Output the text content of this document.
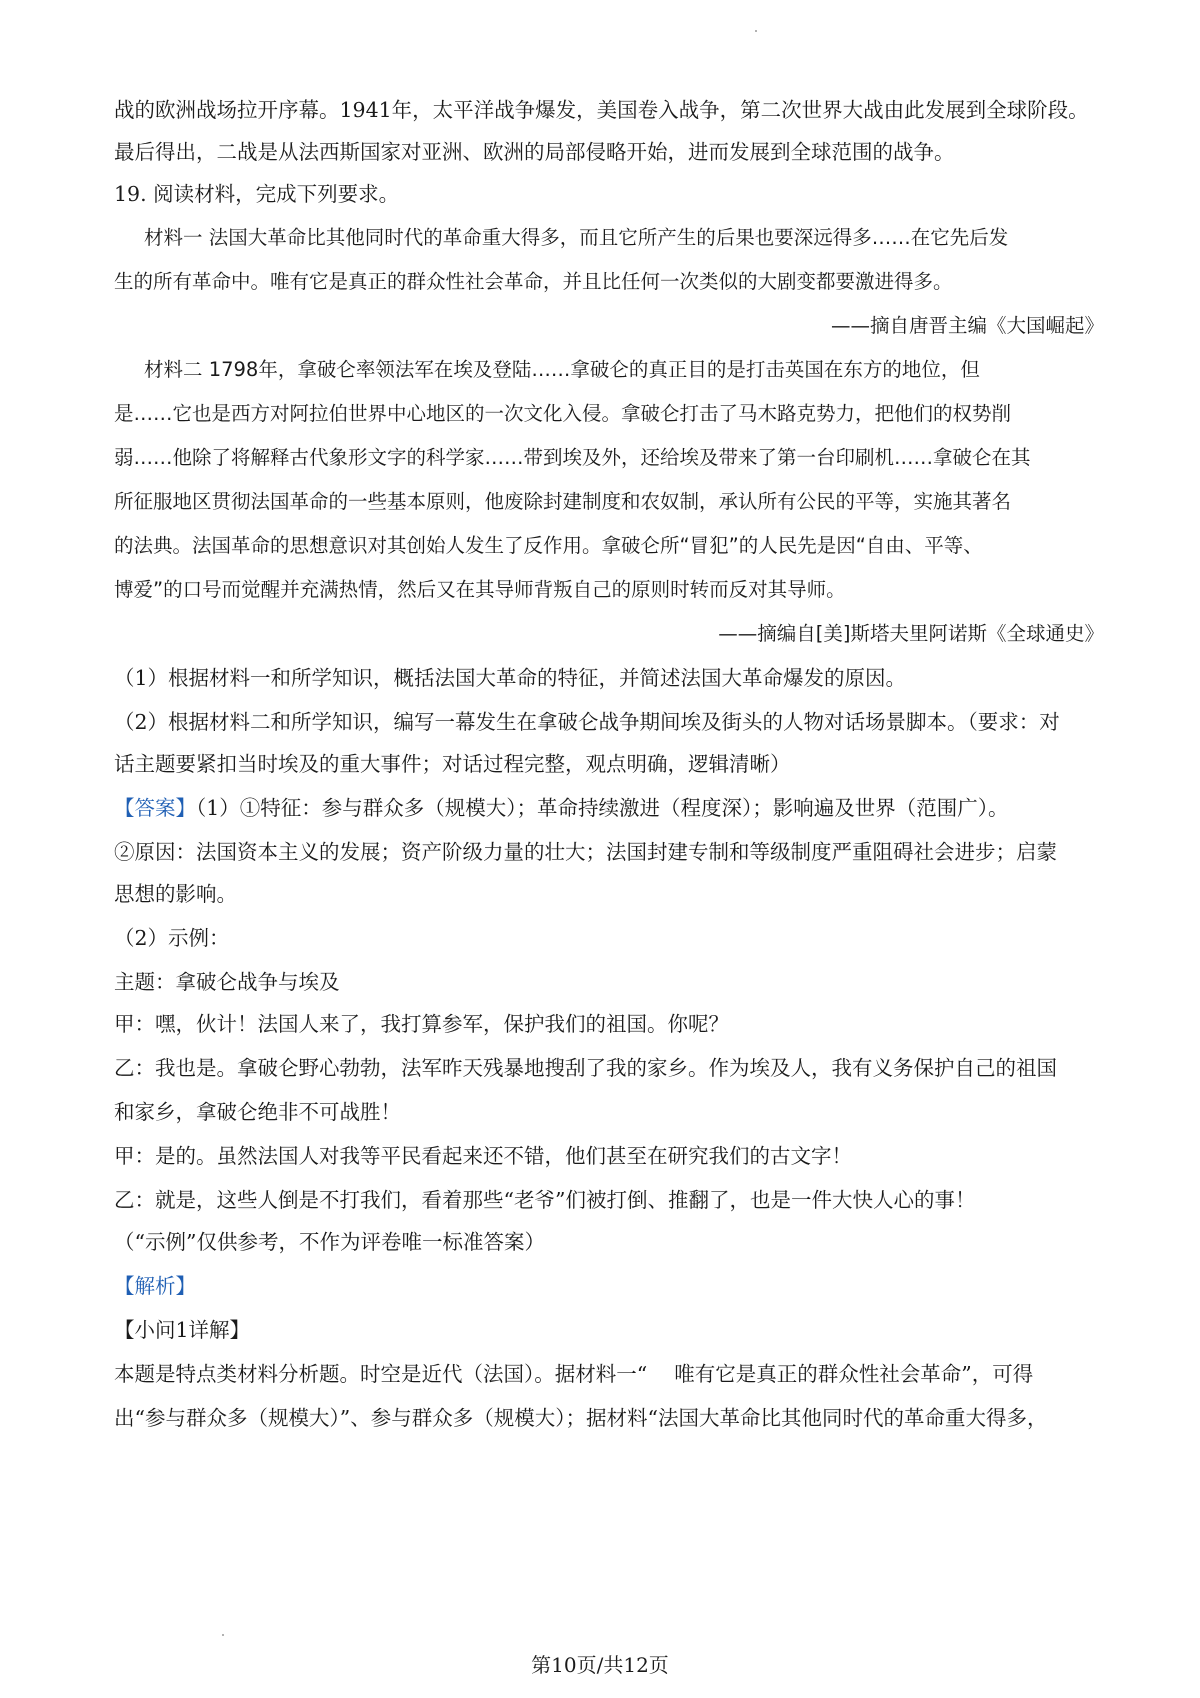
战的欧洲战场拉开序幕。1941年，太平洋战争爆发，美国卷入战争，第二次世界大战由此发展到全球阶段。
最后得出，二战是从法西斯国家对亚洲、欧洲的局部侵略开始，进而发展到全球范围的战争。
19. 阅读材料，完成下列要求。
材料一 法国大革命比其他同时代的革命重大得多，而且它所产生的后果也要深远得多……在它先后发
生的所有革命中。唯有它是真正的群众性社会革命，并且比任何一次类似的大剧变都要激进得多。
——摘自唐晋主编《大国崛起》
材料二 1798年，拿破仑率领法军在埃及登陆……拿破仑的真正目的是打击英国在东方的地位，但
是……它也是西方对阿拉伯世界中心地区的一次文化入侵。拿破仑打击了马木路克势力，把他们的权势削
弱……他除了将解释古代象形文字的科学家……带到埃及外，还给埃及带来了第一台印刷机……拿破仑在其
所征服地区贯彻法国革命的一些基本原则，他废除封建制度和农奴制，承认所有公民的平等，实施其著名
的法典。法国革命的思想意识对其创始人发生了反作用。拿破仑所“冒犯”的人民先是因“自由、平等、
博爱”的口号而觉醒并充满热情，然后又在其导师背叛自己的原则时转而反对其导师。
——摘编自[美]斯塔夫里阿诺斯《全球通史》
（1）根据材料一和所学知识，概括法国大革命的特征，并简述法国大革命爆发的原因。
（2）根据材料二和所学知识，编写一幕发生在拿破仑战争期间埃及街头的人物对话场景脚本。（要求：对
话主题要紧扣当时埃及的重大事件；对话过程完整，观点明确，逻辑清晰）
【答案】（1）①特征：参与群众多（规模大）；革命持续激进（程度深）；影响遍及世界（范围广）。
②原因：法国资本主义的发展；资产阶级力量的壮大；法国封建专制和等级制度严重阻碍社会进步；启蒙
思想的影响。
（2）示例：
主题：拿破仑战争与埃及
甲：嘿，伙计！法国人来了，我打算参军，保护我们的祖国。你呢？
乙：我也是。拿破仑野心勃勃，法军昨天残暴地搜刮了我的家乡。作为埃及人，我有义务保护自己的祖国
和家乡，拿破仑绝非不可战胜！
甲：是的。虽然法国人对我等平民看起来还不错，他们甚至在研究我们的古文字！
乙：就是，这些人倒是不打我们，看着那些“老爷”们被打倒、推翻了，也是一件大快人心的事！
（“示例”仅供参考，不作为评卷唯一标准答案）
【解析】
【小问1详解】
本题是特点类材料分析题。时空是近代（法国）。据材料一“　 唯有它是真正的群众性社会革命”，可得
出“参与群众多（规模大）”、参与群众多（规模大）；据材料“法国大革命比其他同时代的革命重大得多，
第10页/共12页
